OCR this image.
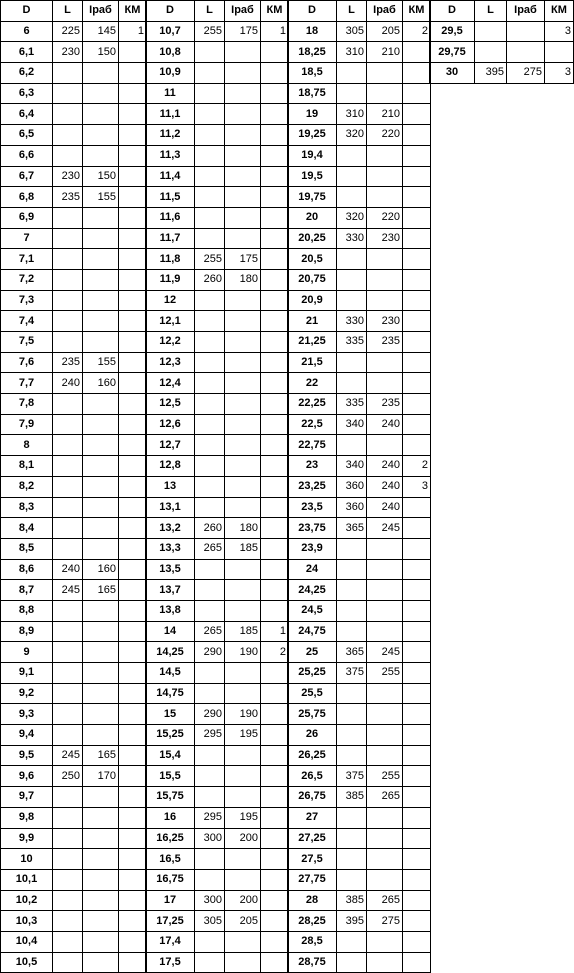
D	L	Iраб	КМ
6	225	145	1
6,1	230	150	
6,2			
6,3			
6,4			
6,5			
6,6			
6,7	230	150	
6,8	235	155	
6,9			
7			
7,1			
7,2			
7,3			
7,4			
7,5			
7,6	235	155	
7,7	240	160	
7,8			
7,9			
8			
8,1			
8,2			
8,3			
8,4			
8,5			
8,6	240	160	
8,7	245	165	
8,8			
8,9			
9			
9,1			
9,2			
9,3			
9,4			
9,5	245	165	
9,6	250	170	
9,7			
9,8			
9,9			
10			
10,1			
10,2			
10,3			
10,4			
10,5			
D	L	Iраб	КМ
10,7	255	175	1
10,8			
10,9			
11			
11,1			
11,2			
11,3			
11,4			
11,5			
11,6			
11,7			
11,8	255	175	
11,9	260	180	
12			
12,1			
12,2			
12,3			
12,4			
12,5			
12,6			
12,7			
12,8			
13			
13,1			
13,2	260	180	
13,3	265	185	
13,5			
13,7			
13,8			
14	265	185	1
14,25	290	190	2
14,5			
14,75			
15	290	190	
15,25	295	195	
15,4			
15,5			
15,75			
16	295	195	
16,25	300	200	
16,5			
16,75			
17	300	200	
17,25	305	205	
17,4			
17,5			
D	L	Iраб	КМ
18	305	205	2
18,25	310	210	
18,5			
18,75			
19	310	210	
19,25	320	220	
19,4			
19,5			
19,75			
20	320	220	
20,25	330	230	
20,5			
20,75			
20,9			
21	330	230	
21,25	335	235	
21,5			
22			
22,25	335	235	
22,5	340	240	
22,75			
23	340	240	2
23,25	360	240	3
23,5	360	240	
23,75	365	245	
23,9			
24			
24,25			
24,5			
24,75			
25	365	245	
25,25	375	255	
25,5			
25,75			
26			
26,25			
26,5	375	255	
26,75	385	265	
27			
27,25			
27,5			
27,75			
28	385	265	
28,25	395	275	
28,5			
28,75			
D	L	Iраб	КМ
29,5			3
29,75			
30	395	275	3
